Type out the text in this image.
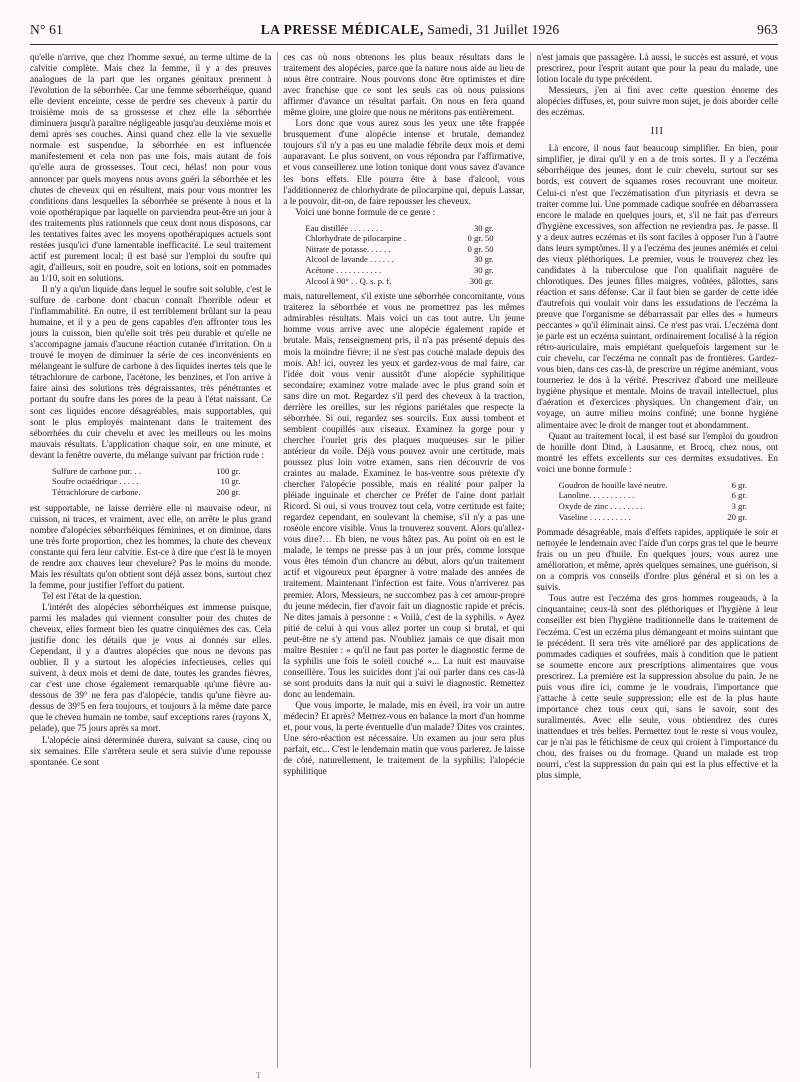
N° 61	LA PRESSE MÉDICALE, Samedi, 31 Juillet 1926	963

qu'elle n'arrive, que chez l'homme sexué, au terme ultime de la calvitie complète. Mais chez la femme, il y a des preuves analogues de la part que les organes génitaux prennent à l'évolution de la séborrhée. Car une femme séborrhéique, quand elle devient enceinte, cesse de perdre ses cheveux à partir du troisième mois de sa grossesse et chez elle la séborrhée diminuera jusqu'à paraître négligeable jusqu'au deuxième mois et demi après ses couches. Ainsi quand chez elle la vie sexuelle normale est suspendue, la séborrhée en est influencée manifestement et cela non pas une fois, mais autant de fois qu'elle aura de grossesses. Tout ceci, hélas! non pour vous annoncer par quels moyens nous avons guéri la séborrhée et les chutes de cheveux qui en résultent, mais pour vous montrer les conditions dans lesquelles la séborrhée se présente à nous et la voie opothérapique par laquelle on parviendra peut-être un jour à des traitements plus rationnels que ceux dont nous disposons, car les tentatives faites avec les moyens opothérapiques actuels sont restées jusqu'ici d'une lamentable inefficacité. Le seul traitement actif est purement local; il est basé sur l'emploi du soufre qui agit, d'ailleurs, soit en poudre, soit en lotions, soit en pommades au 1/10, soit en solutions.

Il n'y a qu'un liquide dans lequel le soufre soit soluble, c'est le sulfure de carbone dont chacun connaît l'horrible odeur et l'inflammabilité. En outre, il est terriblement brûlant sur la peau humaine, et il y a peu de gens capables d'en affronter tous les jours la cuisson, bien qu'elle soit très peu durable et qu'elle ne s'accompagne jamais d'aucune réaction cutanée d'irritation. On a trouvé le moyen de diminuer la série de ces inconvénients en mélangeant le sulfure de carbone à des liquides inertes tels que le tétrachlorure de carbone, l'acétone, les benzines, et l'on arrive à faire ainsi des solutions très dégraissantes, très pénétrantes et portant du soufre dans les pores de la peau à l'état naissant. Ce sont ces liquides encore désagréables, mais supportables, qui sont le plus employés maintenant dans le traitement des séborrhées du cuir chevelu et avec les meilleurs ou les moins mauvais résultats. L'application chaque soir, en une minute, et devant la fenêtre ouverte, du mélange suivant par friction rude :

Sulfure de carbone pur. . .	100 gr.
Soufre octaédrique . . . . .	10 gr.
Tétrachlorure de carbone.	200 gr.

est supportable, ne laisse derrière elle ni mauvaise odeur, ni cuisson, ni traces, et vraiment, avec elle, on arrête le plus grand nombre d'alopécies séborrhéiques féminines, et on diminue, dans une très forte proportion, chez les hommes, la chute des cheveux constante qui fera leur calvitie. Est-ce à dire que c'est là le moyen de rendre aux chauves leur chevelure? Pas le moins du monde. Mais les résultats qu'on obtient sont déjà assez bons, surtout chez la femme, pour justifier l'effort du patient.

Tel est l'état de la question.

L'intérêt des alopécies séborrhéiques est immense puisque, parmi les malades qui viennent consulter pour des chutes de cheveux, elles forment bien les quatre cinquièmes des cas. Cela justifie donc les détails que je vous ai donnés sur elles. Cependant, il y a d'autres alopécies que nous ne devons pas oublier. Il y a surtout les alopécies infectieuses, celles qui suivent, à deux mois et demi de date, toutes les grandes fièvres, car c'est une chose également remarquable qu'une fièvre au-dessous de 39° ne fera pas d'alopécie, tandis qu'une fièvre au-dessus de 39°5 en fera toujours, et toujours à la même date parce que le cheveu humain ne tombe, sauf exceptions rares (rayons X, pelade), que 75 jours après sa mort.

L'alopécie ainsi déterminée durera, suivant sa cause, cinq ou six semaines. Elle s'arrêtera seule et sera suivie d'une repousse spontanée. Ce sont

ces cas où nous obtenons les plus beaux résultats dans le traitement des alopécies, parce que la nature nous aide au lieu de nous être contraire. Nous pouvons donc être optimistes et dire avec franchise que ce sont les seuls cas où nous puissions affirmer d'avance un résultat parfait. On nous en fera quand même gloire, une gloire que nous ne méritons pas entièrement.

Lors donc que vous aurez sous les yeux une tête frappée brusquement d'une alopécie intense et brutale, demandez toujours s'il n'y a pas eu une maladie fébrile deux mois et demi auparavant. Le plus souvent, on vous répondra par l'affirmative, et vous conseillerez une lotion tonique dont vous savez d'avance les bons effets. Elle pourra être à base d'alcool, vous l'additionnerez de chlorhydrate de pilocarpine qui, depuis Lassar, a le pouvoir, dit-on, de faire repousser les cheveux.

Voici une bonne formule de ce genre :

Eau distillée . . . . . . . .	30 gr.
Chlorhydrate de pilocarpine .	0 gr. 50
Nitrate de potasse. . . . . .	0 gr. 50
Alcool de lavande . . . . . .	30 gr.
Acétone . . . . . . . . . . .	30 gr.
Alcool à 90° . . Q. s. p. f.	300 gr.

mais, naturellement, s'il existe une séborrhée concomitante, vous traiterez la séborrhée et vous ne promettrez pas les mêmes admirables résultats. Mais voici un cas tout autre. Un jeune homme vous arrive avec une alopécie également rapide et brutale. Mais, renseignement pris, il n'a pas présenté depuis des mois la moindre fièvre; il ne s'est pas couché malade depuis des mois. Ah! ici, ouvrez les yeux et gardez-vous de mal faire, car l'idée doit vous venir aussitôt d'une alopécie syphilitique secondaire; examinez votre malade avec le plus grand soin et sans dire un mot. Regardez s'il perd des cheveux à la traction, derrière les oreilles, sur les régions pariétales que respecte la séborrhée. Si oui, regardez ses sourcils. Eux aussi tombent et semblent coupillés aux ciseaux. Examinez la gorge pour y chercher l'ourlet gris des plaques muqueuses sur le pilier antérieur du voile. Déjà vous pouvez avoir une certitude, mais poussez plus loin votre examen, sans rien découvrir de vos craintes au malade. Examinez le bas-ventre sous prétexte d'y chercher l'alopécie possible, mais en réalité pour palper la pléiade inguinale et chercher ce Préfet de l'aine dont parlait Ricord. Si oui, si vous trouvez tout cela, votre certitude est faite; regardez cependant, en soulevant la chemise, s'il n'y a pas une roséole encore visible. Vous la trouverez souvent. Alors qu'allez-vous dire?… Eh bien, ne vous hâtez pas. Au point où en est le malade, le temps ne presse pas à un jour près, comme lorsque vous êtes témoin d'un chancre au début, alors qu'un traitement actif et vigoureux peut épargner à votre malade des années de traitement. Maintenant l'infection est faite. Vous n'arriverez pas premier. Alors, Messieurs, ne succombez pas à cet amour-propre du jeune médecin, fier d'avoir fait un diagnostic rapide et précis. Ne dites jamais à personne : « Voilà, c'est de la syphilis. » Ayez pitié de celui à qui vous allez porter un coup si brutal, et qui peut-être ne s'y attend pas. N'oubliez jamais ce que disait mon maître Besnier : « qu'il ne faut pas porter le diagnostic ferme de la syphilis une fois le soleil couché »... La nuit est mauvaise conseillère. Tous les suicides dont j'ai ouï parler dans ces cas-là se sont produits dans la nuit qui a suivi le diagnostic. Remettez donc au lendemain.

Que vous importe, le malade, mis en éveil, ira voir un autre médecin? Et après? Mettrez-vous en balance la mort d'un homme et, pour vous, la perte éventuelle d'un malade? Dites vos craintes. Une séro-réaction est nécessaire. Un examen au jour sera plus parfait, etc... C'est le lendemain matin que vous parlerez. Je laisse de côté, naturellement, le traitement de la syphilis; l'alopécie syphilitique

n'est jamais que passagère. Là aussi, le succès est assuré, et vous prescrirez, pour l'esprit autant que pour la peau du malade, une lotion locale du type précédent.

Messieurs, j'en ai fini avec cette question énorme des alopécies diffuses, et, pour suivre mon sujet, je dois aborder celle des eczémas.

III

Là encore, il nous faut beaucoup simplifier. En bien, pour simplifier, je dirai qu'il y en a de trois sortes. Il y a l'eczéma séborrhéique des jeunes, dont le cuir chevelu, surtout sur ses bords, est couvert de squames roses recouvrant une moiteur. Celui-ci n'est que l'eczématisation d'un pityriasis et devra se traiter comme lui. Une pommade cadique soufrée en débarrassera encore le malade en quelques jours, et, s'il ne fait pas d'erreurs d'hygiène excessives, son affection ne reviendra pas. Je passe. Il y a deux autres eczémas et ils sont faciles à opposer l'un à l'autre dans leurs symptômes. Il y a l'eczéma des jeunes anémiés et celui des vieux pléthoriques. Le premier, vous le trouverez chez les candidates à la tuberculose que l'on qualifiait naguère de chlorotiques. Des jeunes filles maigres, voûtées, pâlottes, sans réaction et sans défense. Car il faut bien se garder de cette idée d'autrefois qui voulait voir dans les exsudations de l'eczéma la preuve que l'organisme se débarrassait par elles des « humeurs peccantes » qu'il éliminait ainsi. Ce n'est pas vrai. L'eczéma dont je parle est un eczéma suintant, ordinairement localisé à la région rétro-auriculaire, mais empiétant quelquefois largement sur le cuir chevelu, car l'eczéma ne connaît pas de frontières. Gardez-vous bien, dans ces cas-là, de prescrire un régime anémiant, vous tourneriez le dos à la vérité. Prescrivez d'abord une meilleure hygiène physique et mentale. Moins de travail intellectuel, plus d'aération et d'exercices physiques. Un changement d'air, un voyage, un autre milieu moins confiné; une bonne hygiène alimentaire avec le droit de manger tout et abondamment.

Quant au traitement local, il est basé sur l'emploi du goudron de houille dont Dind, à Lausanne, et Brocq, chez nous, ont montré les effets excellents sur ces dermites exsudatives. En voici une bonne formule :

Goudron de houille lavé neutre.	6 gr.
Lanoline. . . . . . . . . . .	6 gr.
Oxyde de zinc . . . . . . . .	3 gr.
Vaseline . . . . . . . . . .	20 gr.

Pommade désagréable, mais d'effets rapides, appliquée le soir et nettoyée le lendemain avec l'aide d'un corps gras tel que le beurre frais ou un peu d'huile. En quelques jours, vous aurez une amélioration, et même, après quelques semaines, une guérison, si on a compris vos conseils d'ordre plus général et si on les a suivis.

Tous autre est l'eczéma des gros hommes rougeauds, à la cinquantaine; ceux-là sont des pléthoriques et l'hygiène à leur conseiller est bien l'hygiène traditionnelle dans le traitement de l'eczéma. C'est un eczéma plus démangeant et moins suintant que le précédent. Il sera très vite amélioré par des applications de pommades cadiques et soufrées, mais à condition que le patient se soumette encore aux prescriptions alimentaires que vous prescrirez. La première est la suppression absolue du pain. Je ne puis vous dire ici, comme je le voudrais, l'importance que j'attache à cette seule suppression; elle est de la plus haute importance chez tous ceux qui, sans le savoir, sont des suralimentés. Avec elle seule, vous obtiendrez des cures inattendues et très belles. Permettez tout le reste si vous voulez, car je n'ai pas le fétichisme de ceux qui croient à l'importance du chou, des fraises ou du fromage. Quand un malade est trop nourri, c'est la suppression du pain qui est la plus effective et la plus simple,

T
